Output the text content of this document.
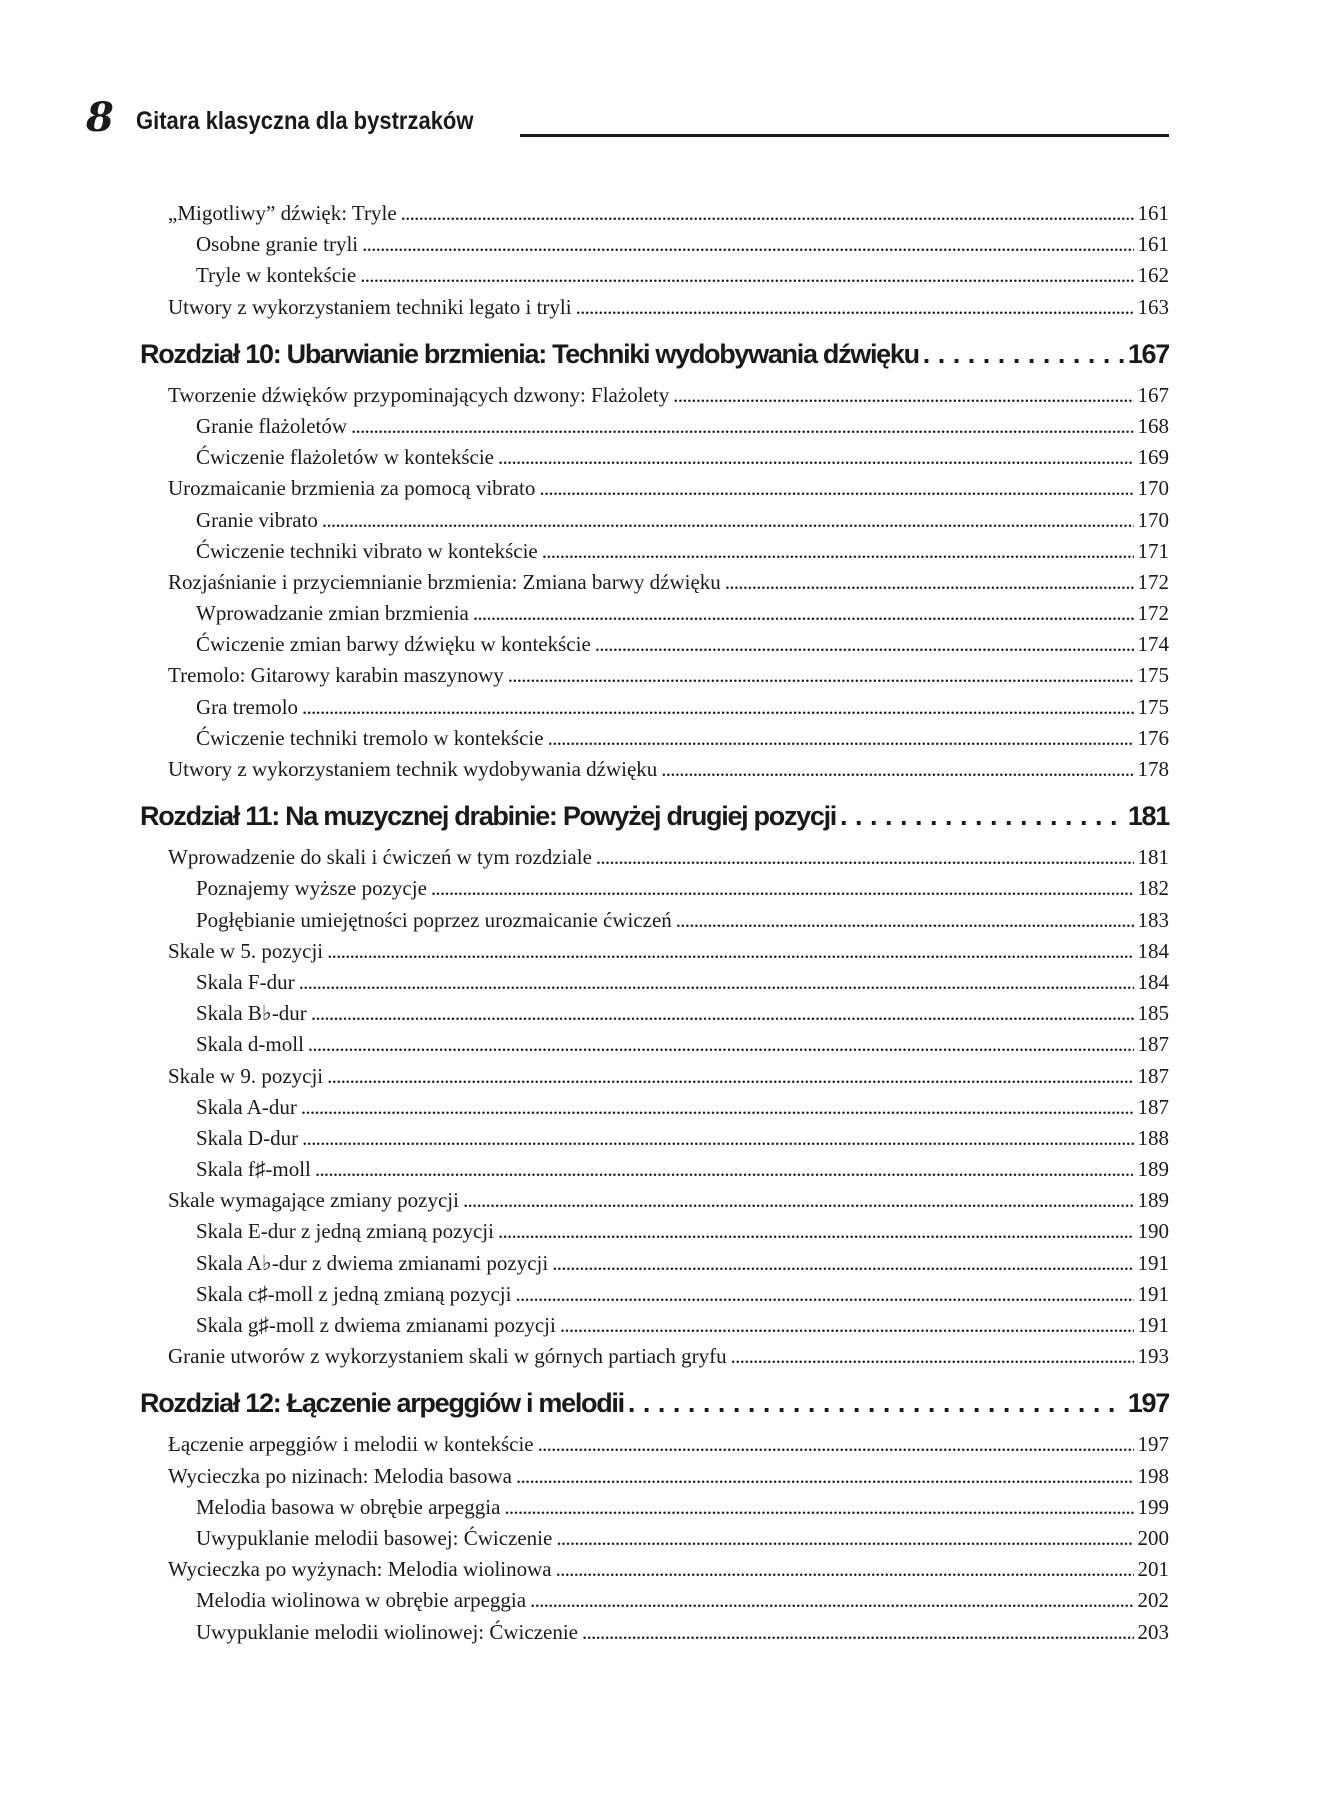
8 Gitara klasyczna dla bystrzaków
„Migotliwy” dźwięk: Tryle . . .	161
Osobne granie tryli . . .	161
Tryle w kontekście . . .	162
Utwory z wykorzystaniem techniki legato i tryli . . .	163
Rozdział 10: Ubarwianie brzmienia: Techniki wydobywania dźwięku . . .	167
Tworzenie dźwięków przypominających dzwony: Flażolety . . .	167
Granie flażoletów . . .	168
Ćwiczenie flażoletów w kontekście . . .	169
Urozmaicanie brzmienia za pomocą vibrato . . .	170
Granie vibrato . . .	170
Ćwiczenie techniki vibrato w kontekście . . .	171
Rozjaśnianie i przyciemnianie brzmienia: Zmiana barwy dźwięku . . .	172
Wprowadzanie zmian brzmienia . . .	172
Ćwiczenie zmian barwy dźwięku w kontekście . . .	174
Tremolo: Gitarowy karabin maszynowy . . .	175
Gra tremolo . . .	175
Ćwiczenie techniki tremolo w kontekście . . .	176
Utwory z wykorzystaniem technik wydobywania dźwięku . . .	178
Rozdział 11: Na muzycznej drabinie: Powyżej drugiej pozycji . . .	181
Wprowadzenie do skali i ćwiczeń w tym rozdziale . . .	181
Poznajemy wyższe pozycje . . .	182
Pogłębianie umiejętności poprzez urozmaicanie ćwiczeń . . .	183
Skale w 5. pozycji . . .	184
Skala F-dur . . .	184
Skala B♭-dur . . .	185
Skala d-moll . . .	187
Skale w 9. pozycji . . .	187
Skala A-dur . . .	187
Skala D-dur . . .	188
Skala f♯-moll . . .	189
Skale wymagające zmiany pozycji . . .	189
Skala E-dur z jedną zmianą pozycji . . .	190
Skala A♭-dur z dwiema zmianami pozycji . . .	191
Skala c♯-moll z jedną zmianą pozycji . . .	191
Skala g♯-moll z dwiema zmianami pozycji . . .	191
Granie utworów z wykorzystaniem skali w górnych partiach gryfu . . .	193
Rozdział 12: Łączenie arpeggiów i melodii . . .	197
Łączenie arpeggiów i melodii w kontekście . . .	197
Wycieczka po nizinach: Melodia basowa . . .	198
Melodia basowa w obrębie arpeggia . . .	199
Uwypuklanie melodii basowej: Ćwiczenie . . .	200
Wycieczka po wyżynach: Melodia wiolinowa . . .	201
Melodia wiolinowa w obrębie arpeggia . . .	202
Uwypuklanie melodii wiolinowej: Ćwiczenie . . .	203
